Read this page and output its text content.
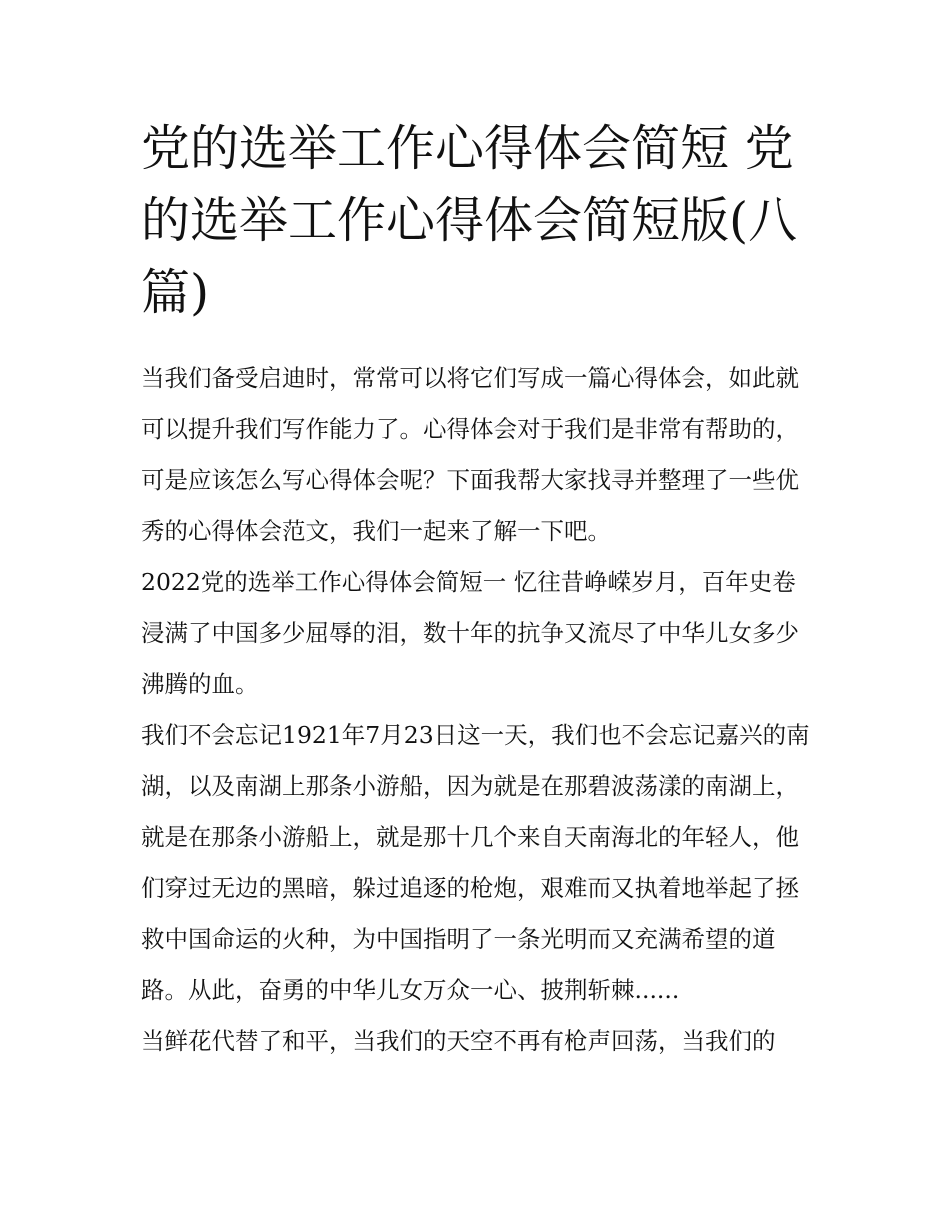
党的选举工作心得体会简短 党的选举工作心得体会简短版(八篇)

当我们备受启迪时，常常可以将它们写成一篇心得体会，如此就可以提升我们写作能力了。心得体会对于我们是非常有帮助的，可是应该怎么写心得体会呢？下面我帮大家找寻并整理了一些优秀的心得体会范文，我们一起来了解一下吧。

2022党的选举工作心得体会简短一 忆往昔峥嵘岁月，百年史卷浸满了中国多少屈辱的泪，数十年的抗争又流尽了中华儿女多少沸腾的血。

我们不会忘记1921年7月23日这一天，我们也不会忘记嘉兴的南湖，以及南湖上那条小游船，因为就是在那碧波荡漾的南湖上，就是在那条小游船上，就是那十几个来自天南海北的年轻人，他们穿过无边的黑暗，躲过追逐的枪炮，艰难而又执着地举起了拯救中国命运的火种，为中国指明了一条光明而又充满希望的道路。从此，奋勇的中华儿女万众一心、披荆斩棘......

当鲜花代替了和平，当我们的天空不再有枪声回荡，当我们的
